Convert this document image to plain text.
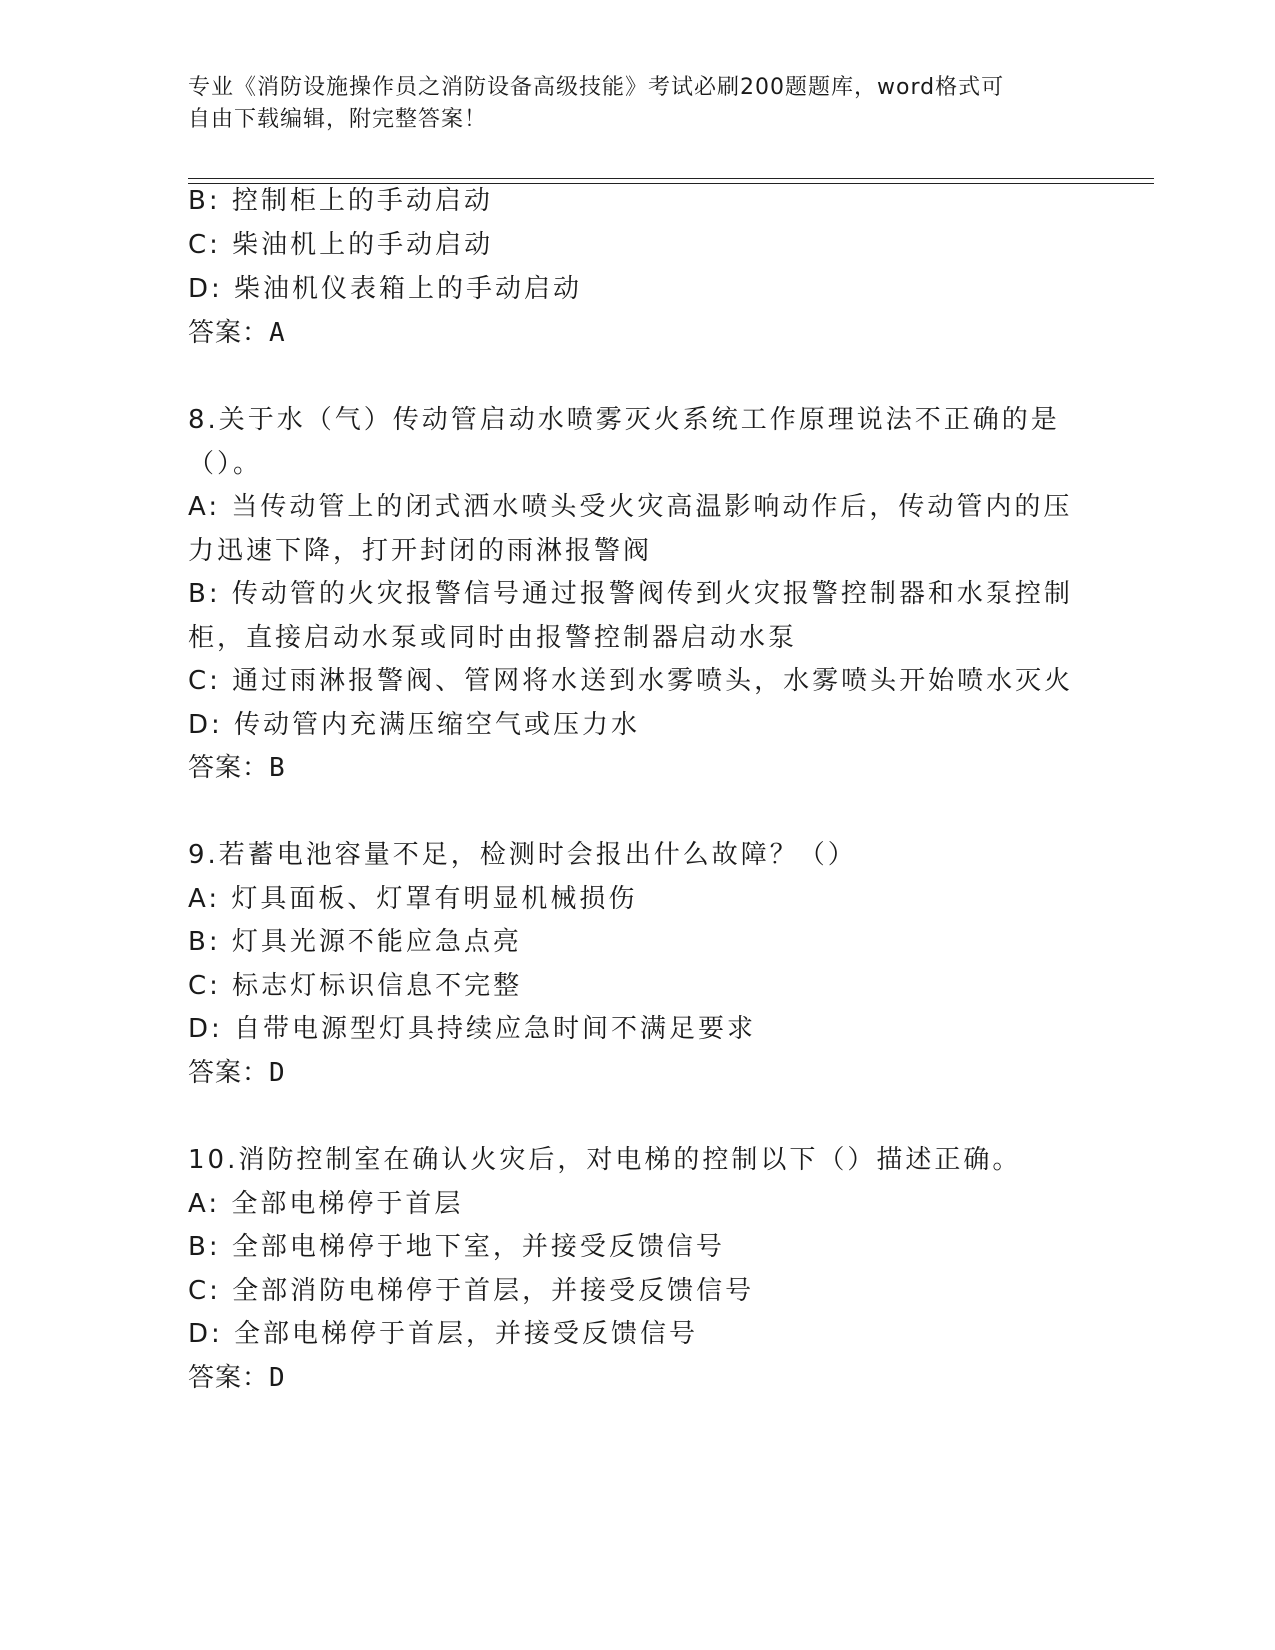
专业《消防设施操作员之消防设备高级技能》考试必刷200题题库，word格式可
自由下载编辑，附完整答案！
B: 控制柜上的手动启动
C: 柴油机上的手动启动
D: 柴油机仪表箱上的手动启动
答案：A
8.关于水（气）传动管启动水喷雾灭火系统工作原理说法不正确的是
（）。
A: 当传动管上的闭式洒水喷头受火灾高温影响动作后，传动管内的压
力迅速下降，打开封闭的雨淋报警阀
B: 传动管的火灾报警信号通过报警阀传到火灾报警控制器和水泵控制
柜，直接启动水泵或同时由报警控制器启动水泵
C: 通过雨淋报警阀、管网将水送到水雾喷头，水雾喷头开始喷水灭火
D: 传动管内充满压缩空气或压力水
答案：B
9.若蓄电池容量不足，检测时会报出什么故障？（）
A: 灯具面板、灯罩有明显机械损伤
B: 灯具光源不能应急点亮
C: 标志灯标识信息不完整
D: 自带电源型灯具持续应急时间不满足要求
答案：D
10.消防控制室在确认火灾后，对电梯的控制以下（）描述正确。
A: 全部电梯停于首层
B: 全部电梯停于地下室，并接受反馈信号
C: 全部消防电梯停于首层，并接受反馈信号
D: 全部电梯停于首层，并接受反馈信号
答案：D
